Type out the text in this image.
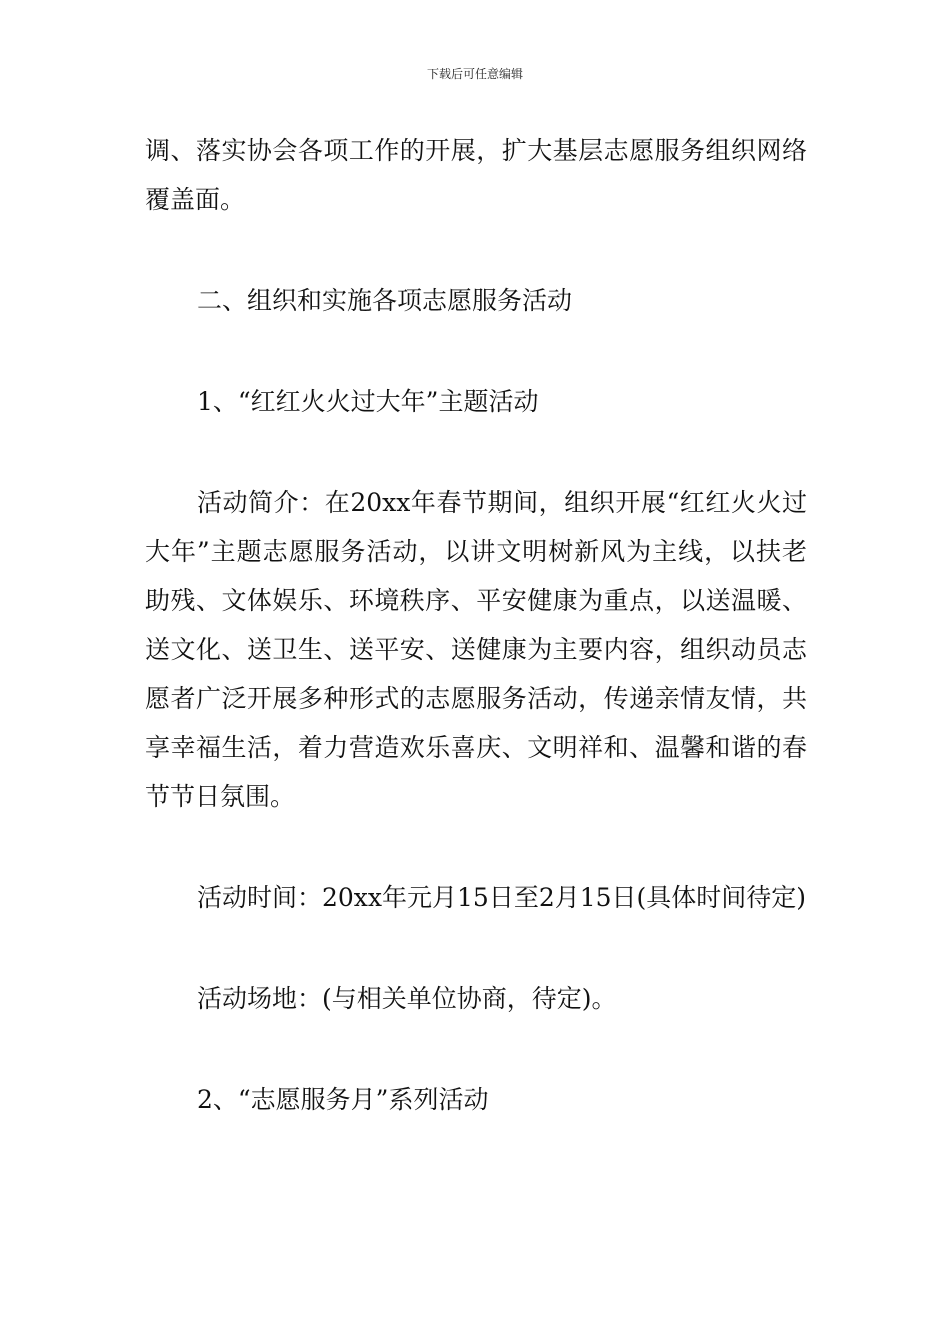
下载后可任意编辑

调、落实协会各项工作的开展，扩大基层志愿服务组织网络覆盖面。

二、组织和实施各项志愿服务活动

1、“红红火火过大年”主题活动

活动简介：在20xx年春节期间，组织开展“红红火火过大年”主题志愿服务活动，以讲文明树新风为主线，以扶老助残、文体娱乐、环境秩序、平安健康为重点，以送温暖、送文化、送卫生、送平安、送健康为主要内容，组织动员志愿者广泛开展多种形式的志愿服务活动，传递亲情友情，共享幸福生活，着力营造欢乐喜庆、文明祥和、温馨和谐的春节节日氛围。

活动时间：20xx年元月15日至2月15日(具体时间待定)

活动场地：(与相关单位协商，待定)。

2、“志愿服务月”系列活动
